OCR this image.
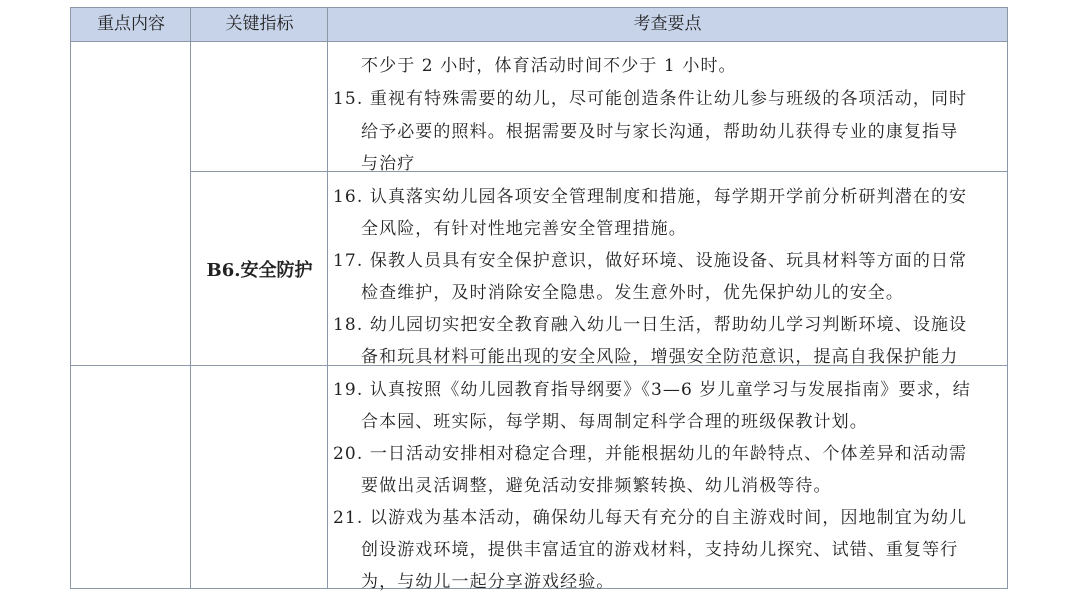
重点内容	关键指标	考查要点
不少于 2 小时，体育活动时间不少于 1 小时。
15. 重视有特殊需要的幼儿，尽可能创造条件让幼儿参与班级的各项活动，同时
给予必要的照料。根据需要及时与家长沟通，帮助幼儿获得专业的康复指导
与治疗
B6.安全防护
16. 认真落实幼儿园各项安全管理制度和措施，每学期开学前分析研判潜在的安
全风险，有针对性地完善安全管理措施。
17. 保教人员具有安全保护意识，做好环境、设施设备、玩具材料等方面的日常
检查维护，及时消除安全隐患。发生意外时，优先保护幼儿的安全。
18. 幼儿园切实把安全教育融入幼儿一日生活，帮助幼儿学习判断环境、设施设
备和玩具材料可能出现的安全风险，增强安全防范意识，提高自我保护能力
19. 认真按照《幼儿园教育指导纲要》《3—6 岁儿童学习与发展指南》要求，结
合本园、班实际，每学期、每周制定科学合理的班级保教计划。
20. 一日活动安排相对稳定合理，并能根据幼儿的年龄特点、个体差异和活动需
要做出灵活调整，避免活动安排频繁转换、幼儿消极等待。
21. 以游戏为基本活动，确保幼儿每天有充分的自主游戏时间，因地制宜为幼儿
创设游戏环境，提供丰富适宜的游戏材料，支持幼儿探究、试错、重复等行
为，与幼儿一起分享游戏经验。
